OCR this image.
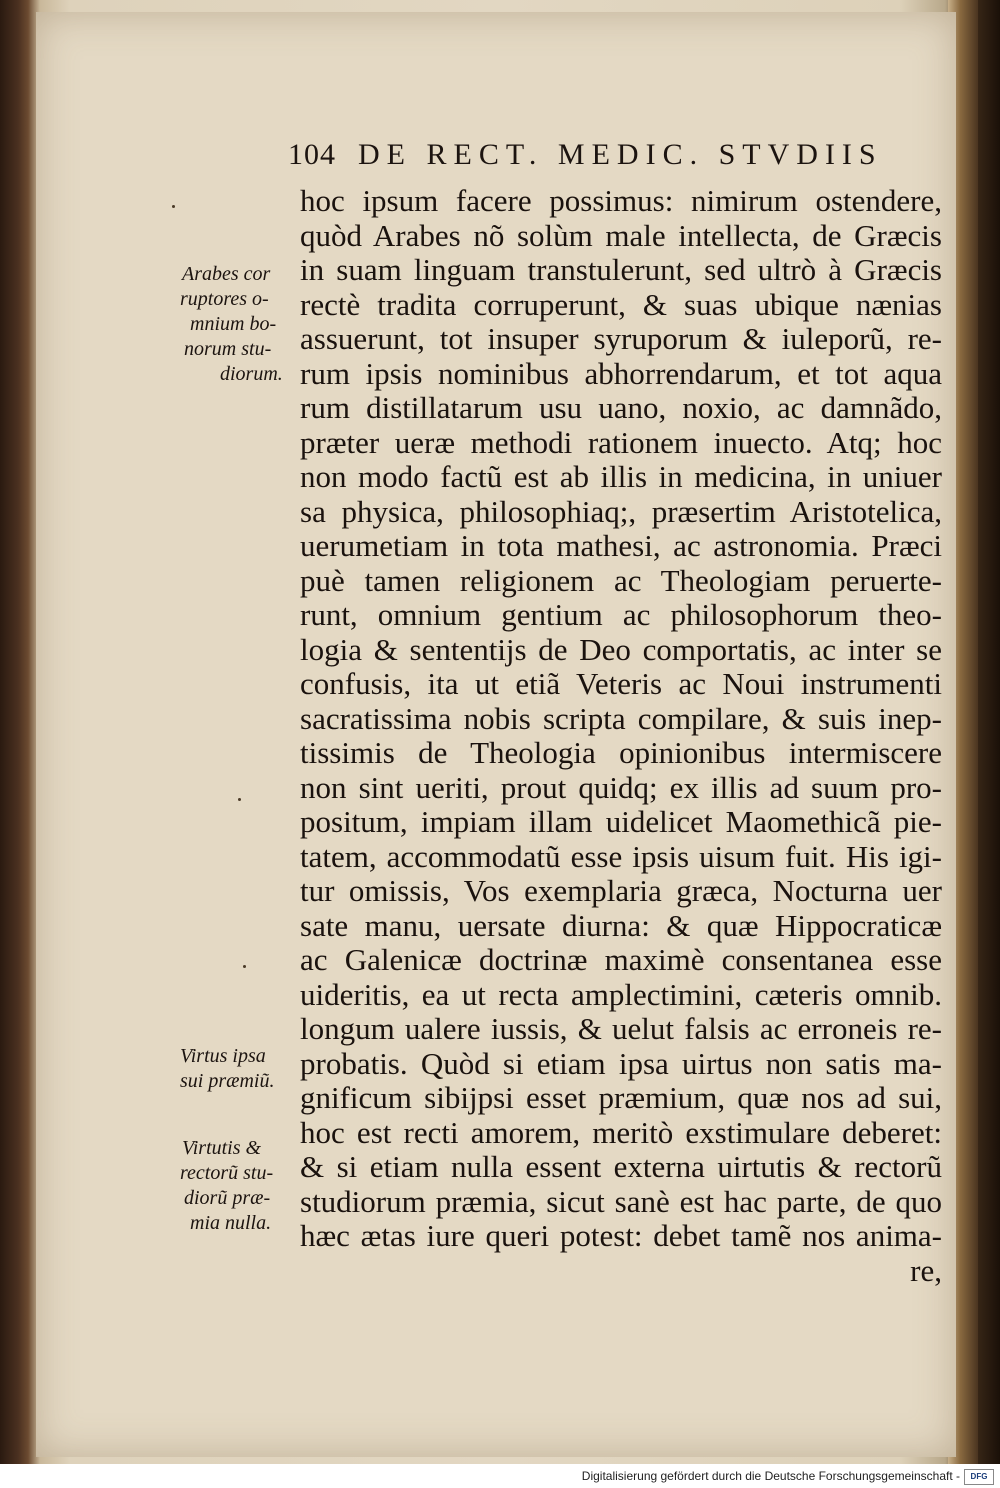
104 DE RECT. MEDIC. STVDIIS
hoc ipsum facere possimus: nimirum ostendere,
quòd Arabes nõ solùm male intellecta, de Græcis
in suam linguam transtulerunt, sed ultrò à Græcis
rectè tradita corruperunt, & suas ubique nænias
assuerunt, tot insuper syruporum & iuleporũ, re-
rum ipsis nominibus abhorrendarum, et tot aqua
rum distillatarum usu uano, noxio, ac damnãdo,
præter ueræ methodi rationem inuecto. Atq; hoc
non modo factũ est ab illis in medicina, in uniuer
sa physica, philosophiaq;, præsertim Aristotelica,
uerumetiam in tota mathesi, ac astronomia. Præci
puè tamen religionem ac Theologiam peruerte-
runt, omnium gentium ac philosophorum theo-
logia & sententijs de Deo comportatis, ac inter se
confusis, ita ut etiã Veteris ac Noui instrumenti
sacratissima nobis scripta compilare, & suis inep-
tissimis de Theologia opinionibus intermiscere
non sint ueriti, prout quidq; ex illis ad suum pro-
positum, impiam illam uidelicet Maomethicã pie-
tatem, accommodatũ esse ipsis uisum fuit. His igi-
tur omissis, Vos exemplaria græca, Nocturna uer
sate manu, uersate diurna: & quæ Hippocraticæ
ac Galenicæ doctrinæ maximè consentanea esse
uideritis, ea ut recta amplectimini, cæteris omnib.
longum ualere iussis, & uelut falsis ac erroneis re-
probatis. Quòd si etiam ipsa uirtus non satis ma-
gnificum sibijpsi esset præmium, quæ nos ad sui,
hoc est recti amorem, meritò exstimulare deberet:
& si etiam nulla essent externa uirtutis & rectorũ
studiorum præmia, sicut sanè est hac parte, de quo
hæc ætas iure queri potest: debet tamẽ nos anima-
re,
Arabes cor
ruptores o-
mnium bo-
norum stu-
diorum.
Virtus ipsa
sui præmiũ.
Virtutis &
rectorũ stu-
diorũ præ-
mia nulla.
Digitalisierung gefördert durch die Deutsche Forschungsgemeinschaft -	DFG
